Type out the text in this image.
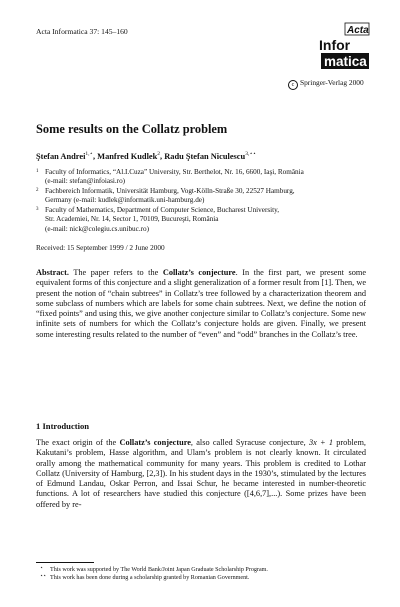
Acta Informatica 37: 145–160	Acta
Infor
matica
c Springer-Verlag 2000
Some results on the Collatz problem
Ştefan Andrei$^{1,⋆}$, Manfred Kudlek$^2$, Radu Ştefan Niculescu$^{3,⋆⋆}$
1 Faculty of Informatics, “Al.I.Cuza” University, Str. Berthelot, Nr. 16, 6600, Iaşi, România
(e-mail: stefan@infoiasi.ro)
2 Fachbereich Informatik, Universität Hamburg, Vogt-Kölln-Straße 30, 22527 Hamburg,
Germany (e-mail: kudlek@informatik.uni-hamburg.de)
3 Faculty of Mathematics, Department of Computer Science, Bucharest University,
Str. Academiei, Nr. 14, Sector 1, 70109, Bucureşti, România
(e-mail: nick@colegiu.cs.unibuc.ro)
Received: 15 September 1999 / 2 June 2000
Abstract. The paper refers to the Collatz’s conjecture. In the first part, we present some equivalent forms of this conjecture and a slight generalization of a former result from [1]. Then, we present the notion of “chain subtrees” in Collatz’s tree followed by a characterization theorem and some subclass of numbers which are labels for some chain subtrees. Next, we define the notion of “fixed points” and using this, we give another conjecture similar to Collatz’s conjecture. Some new infinite sets of numbers for which the Collatz’s conjecture holds are given. Finally, we present some interesting results related to the number of “even” and “odd” branches in the Collatz’s tree.
1 Introduction
The exact origin of the Collatz’s conjecture, also called Syracuse conjecture, 3x + 1 problem, Kakutani’s problem, Hasse algorithm, and Ulam’s problem is not clearly known. It circulated orally among the mathematical community for many years. This problem is credited to Lothar Collatz (University of Hamburg, [2,3]). In his student days in the 1930’s, stimulated by the lectures of Edmund Landau, Oskar Perron, and Issai Schur, he became interested in number-theoretic functions. A lot of researchers have studied this conjecture ([4,6,7],...). Some prizes have been offered by re-
⋆ This work was supported by The World Bank/Joint Japan Graduate Scholarship Program.
⋆⋆ This work has been done during a scholarship granted by Romanian Government.
